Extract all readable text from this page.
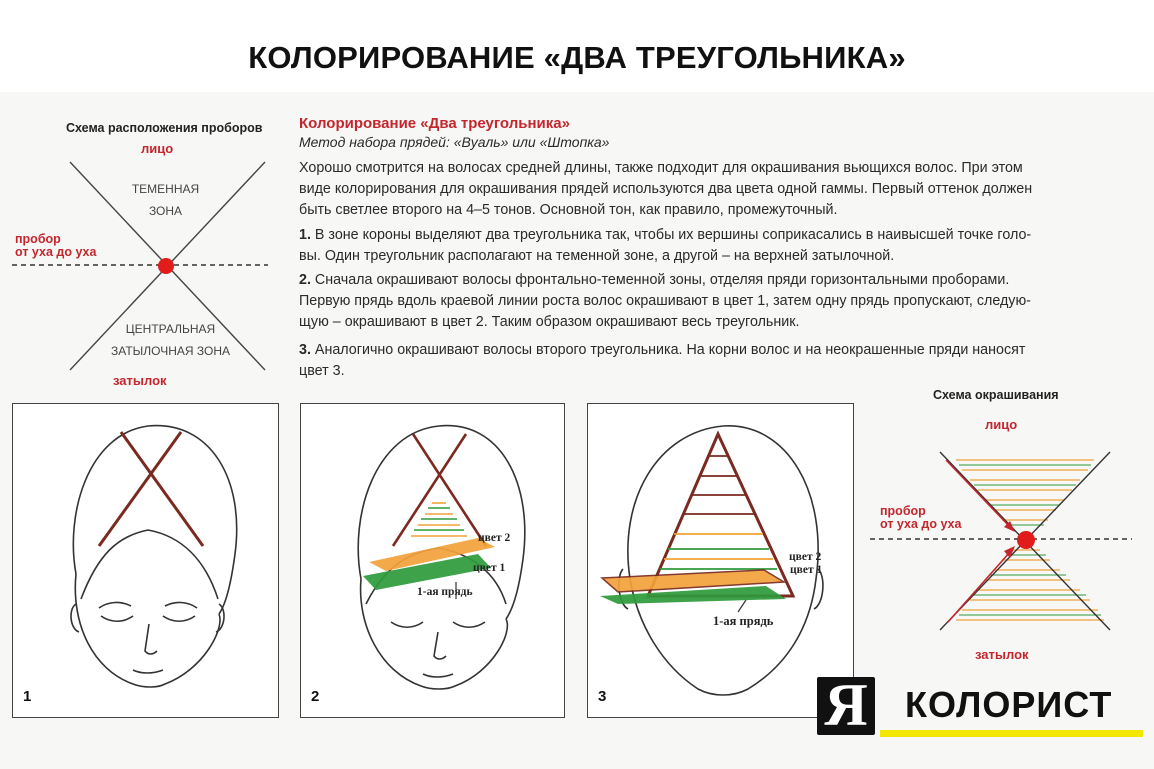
КОЛОРИРОВАНИЕ «ДВА ТРЕУГОЛЬНИКА»
Схема расположения проборов
лицо
ТЕМЕННАЯ
ЗОНА
пробор
от уха до уха
ЦЕНТРАЛЬНАЯ
ЗАТЫЛОЧНАЯ ЗОНА
затылок
Колорирование «Два треугольника»
Метод набора прядей: «Вуаль» или «Штопка»
Хорошо смотрится на волосах средней длины, также подходит для окрашивания вьющихся волос. При этом
виде колорирования для окрашивания прядей используются два цвета одной гаммы. Первый оттенок должен
быть светлее второго на 4–5 тонов. Основной тон, как правило, промежуточный.
1. В зоне короны выделяют два треугольника так, чтобы их вершины соприкасались в наивысшей точке голо-
вы. Один треугольник располагают на теменной зоне, а другой – на верхней затылочной.
2. Сначала окрашивают волосы фронтально-теменной зоны, отделяя пряди горизонтальными проборами.
Первую прядь вдоль краевой линии роста волос окрашивают в цвет 1, затем одну прядь пропускают, следую-
щую – окрашивают в цвет 2. Таким образом окрашивают весь треугольник.
3. Аналогично окрашивают волосы второго треугольника. На корни волос и на неокрашенные пряди наносят
цвет 3.
1
цвет 2
цвет 1
1-ая прядь
2
цвет 2
цвет 1
1-ая прядь
3
Схема окрашивания
лицо
пробор
от уха до уха
затылок
Я КОЛОРИСТ
